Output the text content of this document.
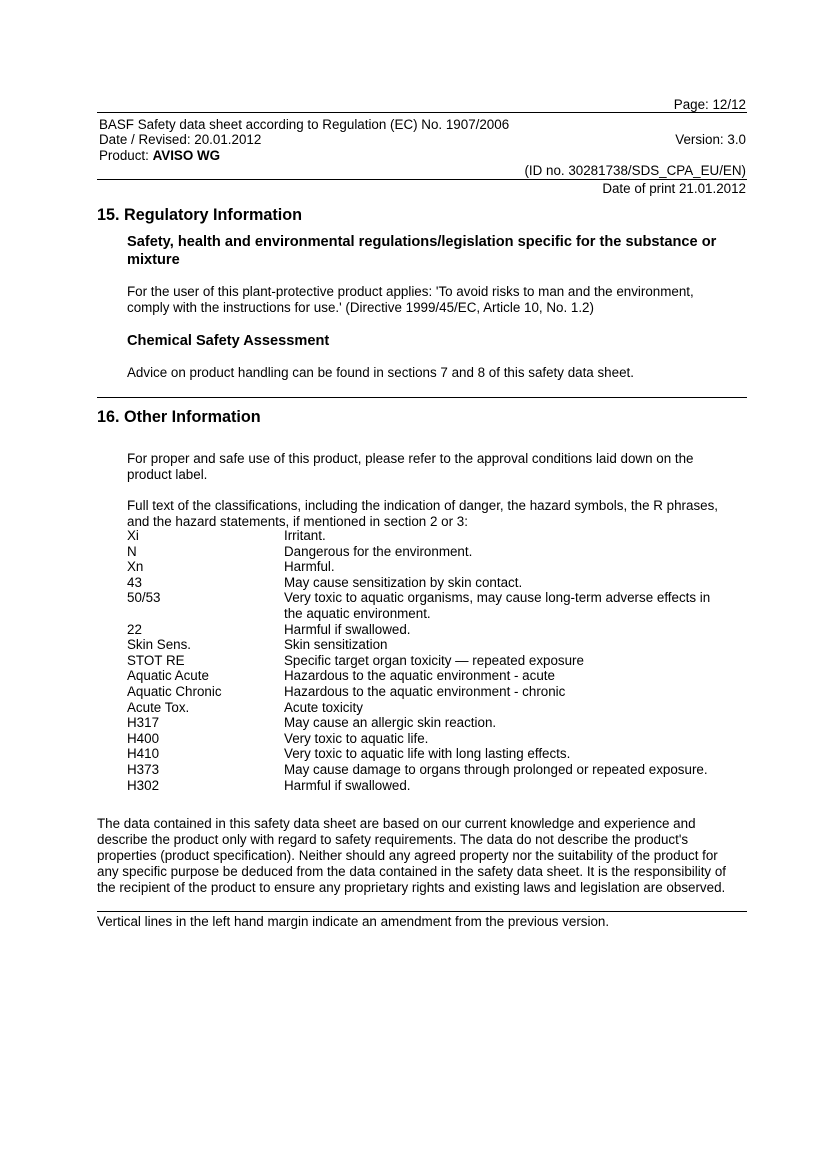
Page: 12/12
BASF Safety data sheet according to Regulation (EC) No. 1907/2006
Date / Revised: 20.01.2012	Version: 3.0
Product: AVISO WG
(ID no. 30281738/SDS_CPA_EU/EN)
Date of print 21.01.2012
15. Regulatory Information
Safety, health and environmental regulations/legislation specific for the substance or
mixture
For the user of this plant-protective product applies: 'To avoid risks to man and the environment,
comply with the instructions for use.' (Directive 1999/45/EC, Article 10, No. 1.2)
Chemical Safety Assessment
Advice on product handling can be found in sections 7 and 8 of this safety data sheet.
16. Other Information
For proper and safe use of this product, please refer to the approval conditions laid down on the
product label.
Full text of the classifications, including the indication of danger, the hazard symbols, the R phrases,
and the hazard statements, if mentioned in section 2 or 3:
Xi	Irritant.
N	Dangerous for the environment.
Xn	Harmful.
43	May cause sensitization by skin contact.
50/53	Very toxic to aquatic organisms, may cause long-term adverse effects in
the aquatic environment.
22	Harmful if swallowed.
Skin Sens.	Skin sensitization
STOT RE	Specific target organ toxicity — repeated exposure
Aquatic Acute	Hazardous to the aquatic environment - acute
Aquatic Chronic	Hazardous to the aquatic environment - chronic
Acute Tox.	Acute toxicity
H317	May cause an allergic skin reaction.
H400	Very toxic to aquatic life.
H410	Very toxic to aquatic life with long lasting effects.
H373	May cause damage to organs through prolonged or repeated exposure.
H302	Harmful if swallowed.
The data contained in this safety data sheet are based on our current knowledge and experience and
describe the product only with regard to safety requirements. The data do not describe the product's
properties (product specification). Neither should any agreed property nor the suitability of the product for
any specific purpose be deduced from the data contained in the safety data sheet. It is the responsibility of
the recipient of the product to ensure any proprietary rights and existing laws and legislation are observed.
Vertical lines in the left hand margin indicate an amendment from the previous version.
